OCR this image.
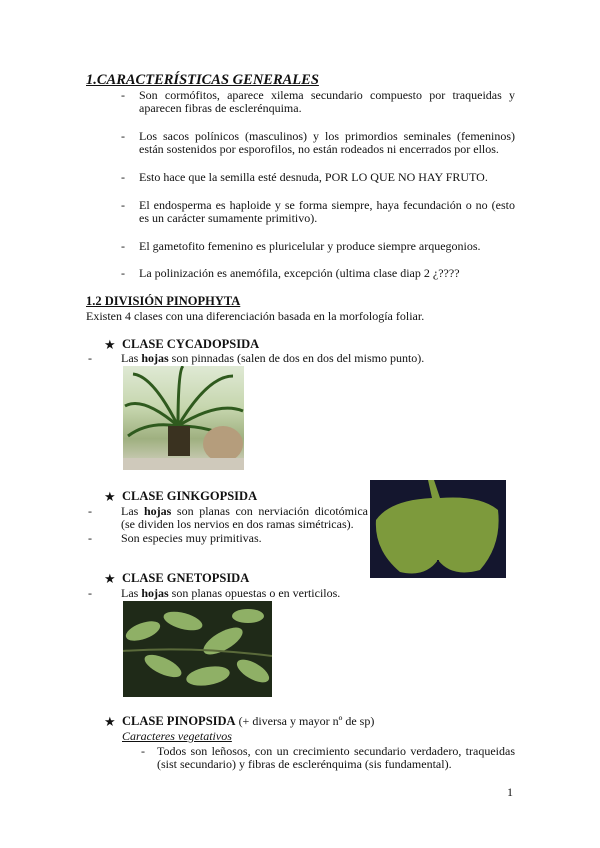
1.CARACTERÍSTICAS GENERALES
- Son cormófitos, aparece xilema secundario compuesto por traqueidas y aparecen fibras de esclerénquima.
- Los sacos polínicos (masculinos) y los primordios seminales (femeninos) están sostenidos por esporofilos, no están rodeados ni encerrados por ellos.
- Esto hace que la semilla esté desnuda, POR LO QUE NO HAY FRUTO.
- El endosperma es haploide y se forma siempre, haya fecundación o no (esto es un carácter sumamente primitivo).
- El gametofito femenino es pluricelular y produce siempre arquegonios.
- La polinización es anemófila, excepción (ultima clase diap 2 ¿????
1.2 DIVISIÓN PINOPHYTA
Existen 4 clases con una diferenciación basada en la morfología foliar.
★ CLASE CYCADOPSIDA
- Las hojas son pinnadas (salen de dos en dos del mismo punto).
★ CLASE GINKGOPSIDA
- Las hojas son planas con nerviación dicotómica
(se dividen los nervios en dos ramas simétricas).
- Son especies muy primitivas.
★ CLASE GNETOPSIDA
- Las hojas son planas opuestas o en verticilos.
★ CLASE PINOPSIDA (+ diversa y mayor nº de sp)
Caracteres vegetativos
- Todos son leñosos, con un crecimiento secundario verdadero, traqueidas (sist secundario) y fibras de esclerénquima (sis fundamental).
1
